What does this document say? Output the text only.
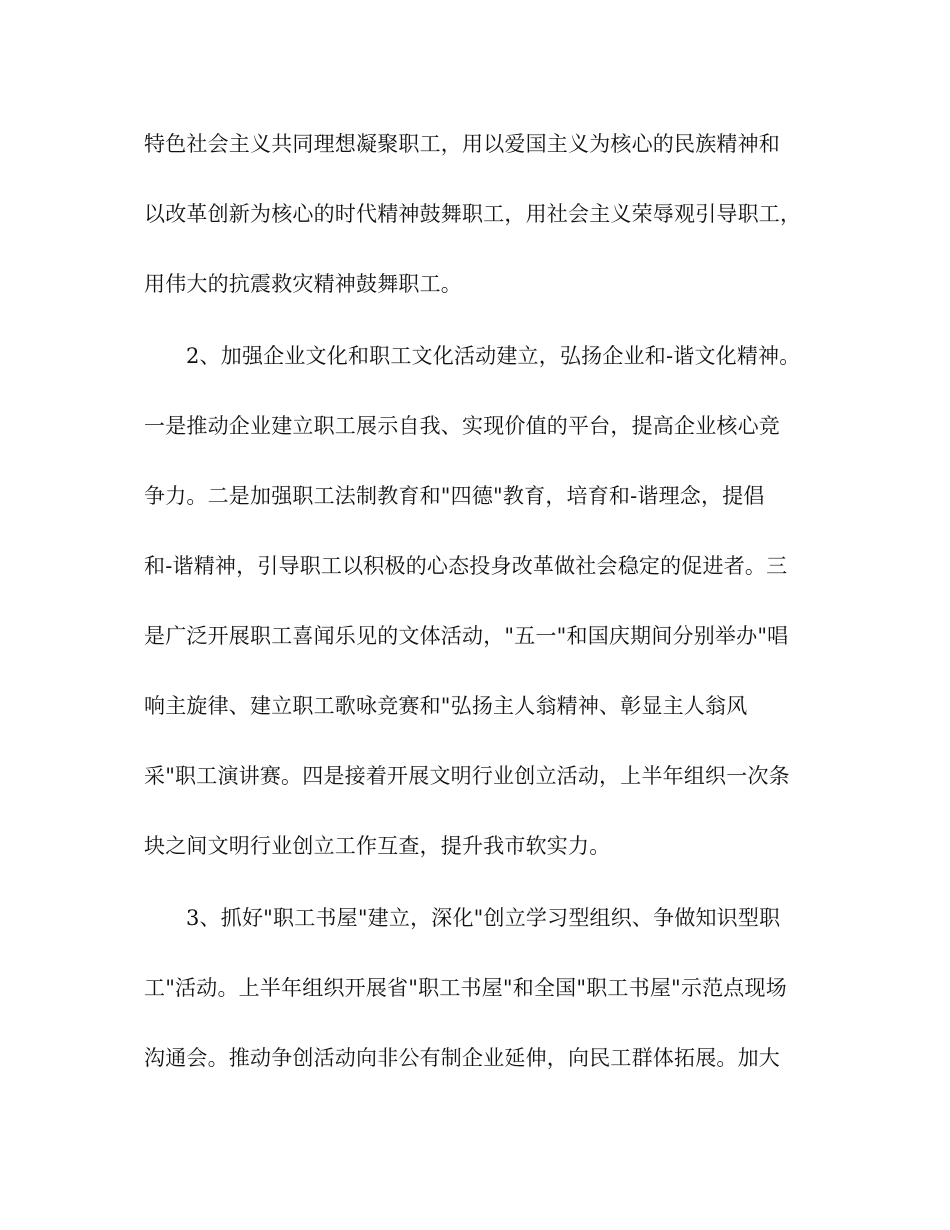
特色社会主义共同理想凝聚职工，用以爱国主义为核心的民族精神和
以改革创新为核心的时代精神鼓舞职工，用社会主义荣辱观引导职工，
用伟大的抗震救灾精神鼓舞职工。
2、加强企业文化和职工文化活动建立，弘扬企业和-谐文化精神。
一是推动企业建立职工展示自我、实现价值的平台，提高企业核心竞
争力。二是加强职工法制教育和"四德"教育，培育和-谐理念，提倡
和-谐精神，引导职工以积极的心态投身改革做社会稳定的促进者。三
是广泛开展职工喜闻乐见的文体活动，"五一"和国庆期间分别举办"唱
响主旋律、建立职工歌咏竞赛和"弘扬主人翁精神、彰显主人翁风
采"职工演讲赛。四是接着开展文明行业创立活动，上半年组织一次条
块之间文明行业创立工作互查，提升我市软实力。
3、抓好"职工书屋"建立，深化"创立学习型组织、争做知识型职
工"活动。上半年组织开展省"职工书屋"和全国"职工书屋"示范点现场
沟通会。推动争创活动向非公有制企业延伸，向民工群体拓展。加大
